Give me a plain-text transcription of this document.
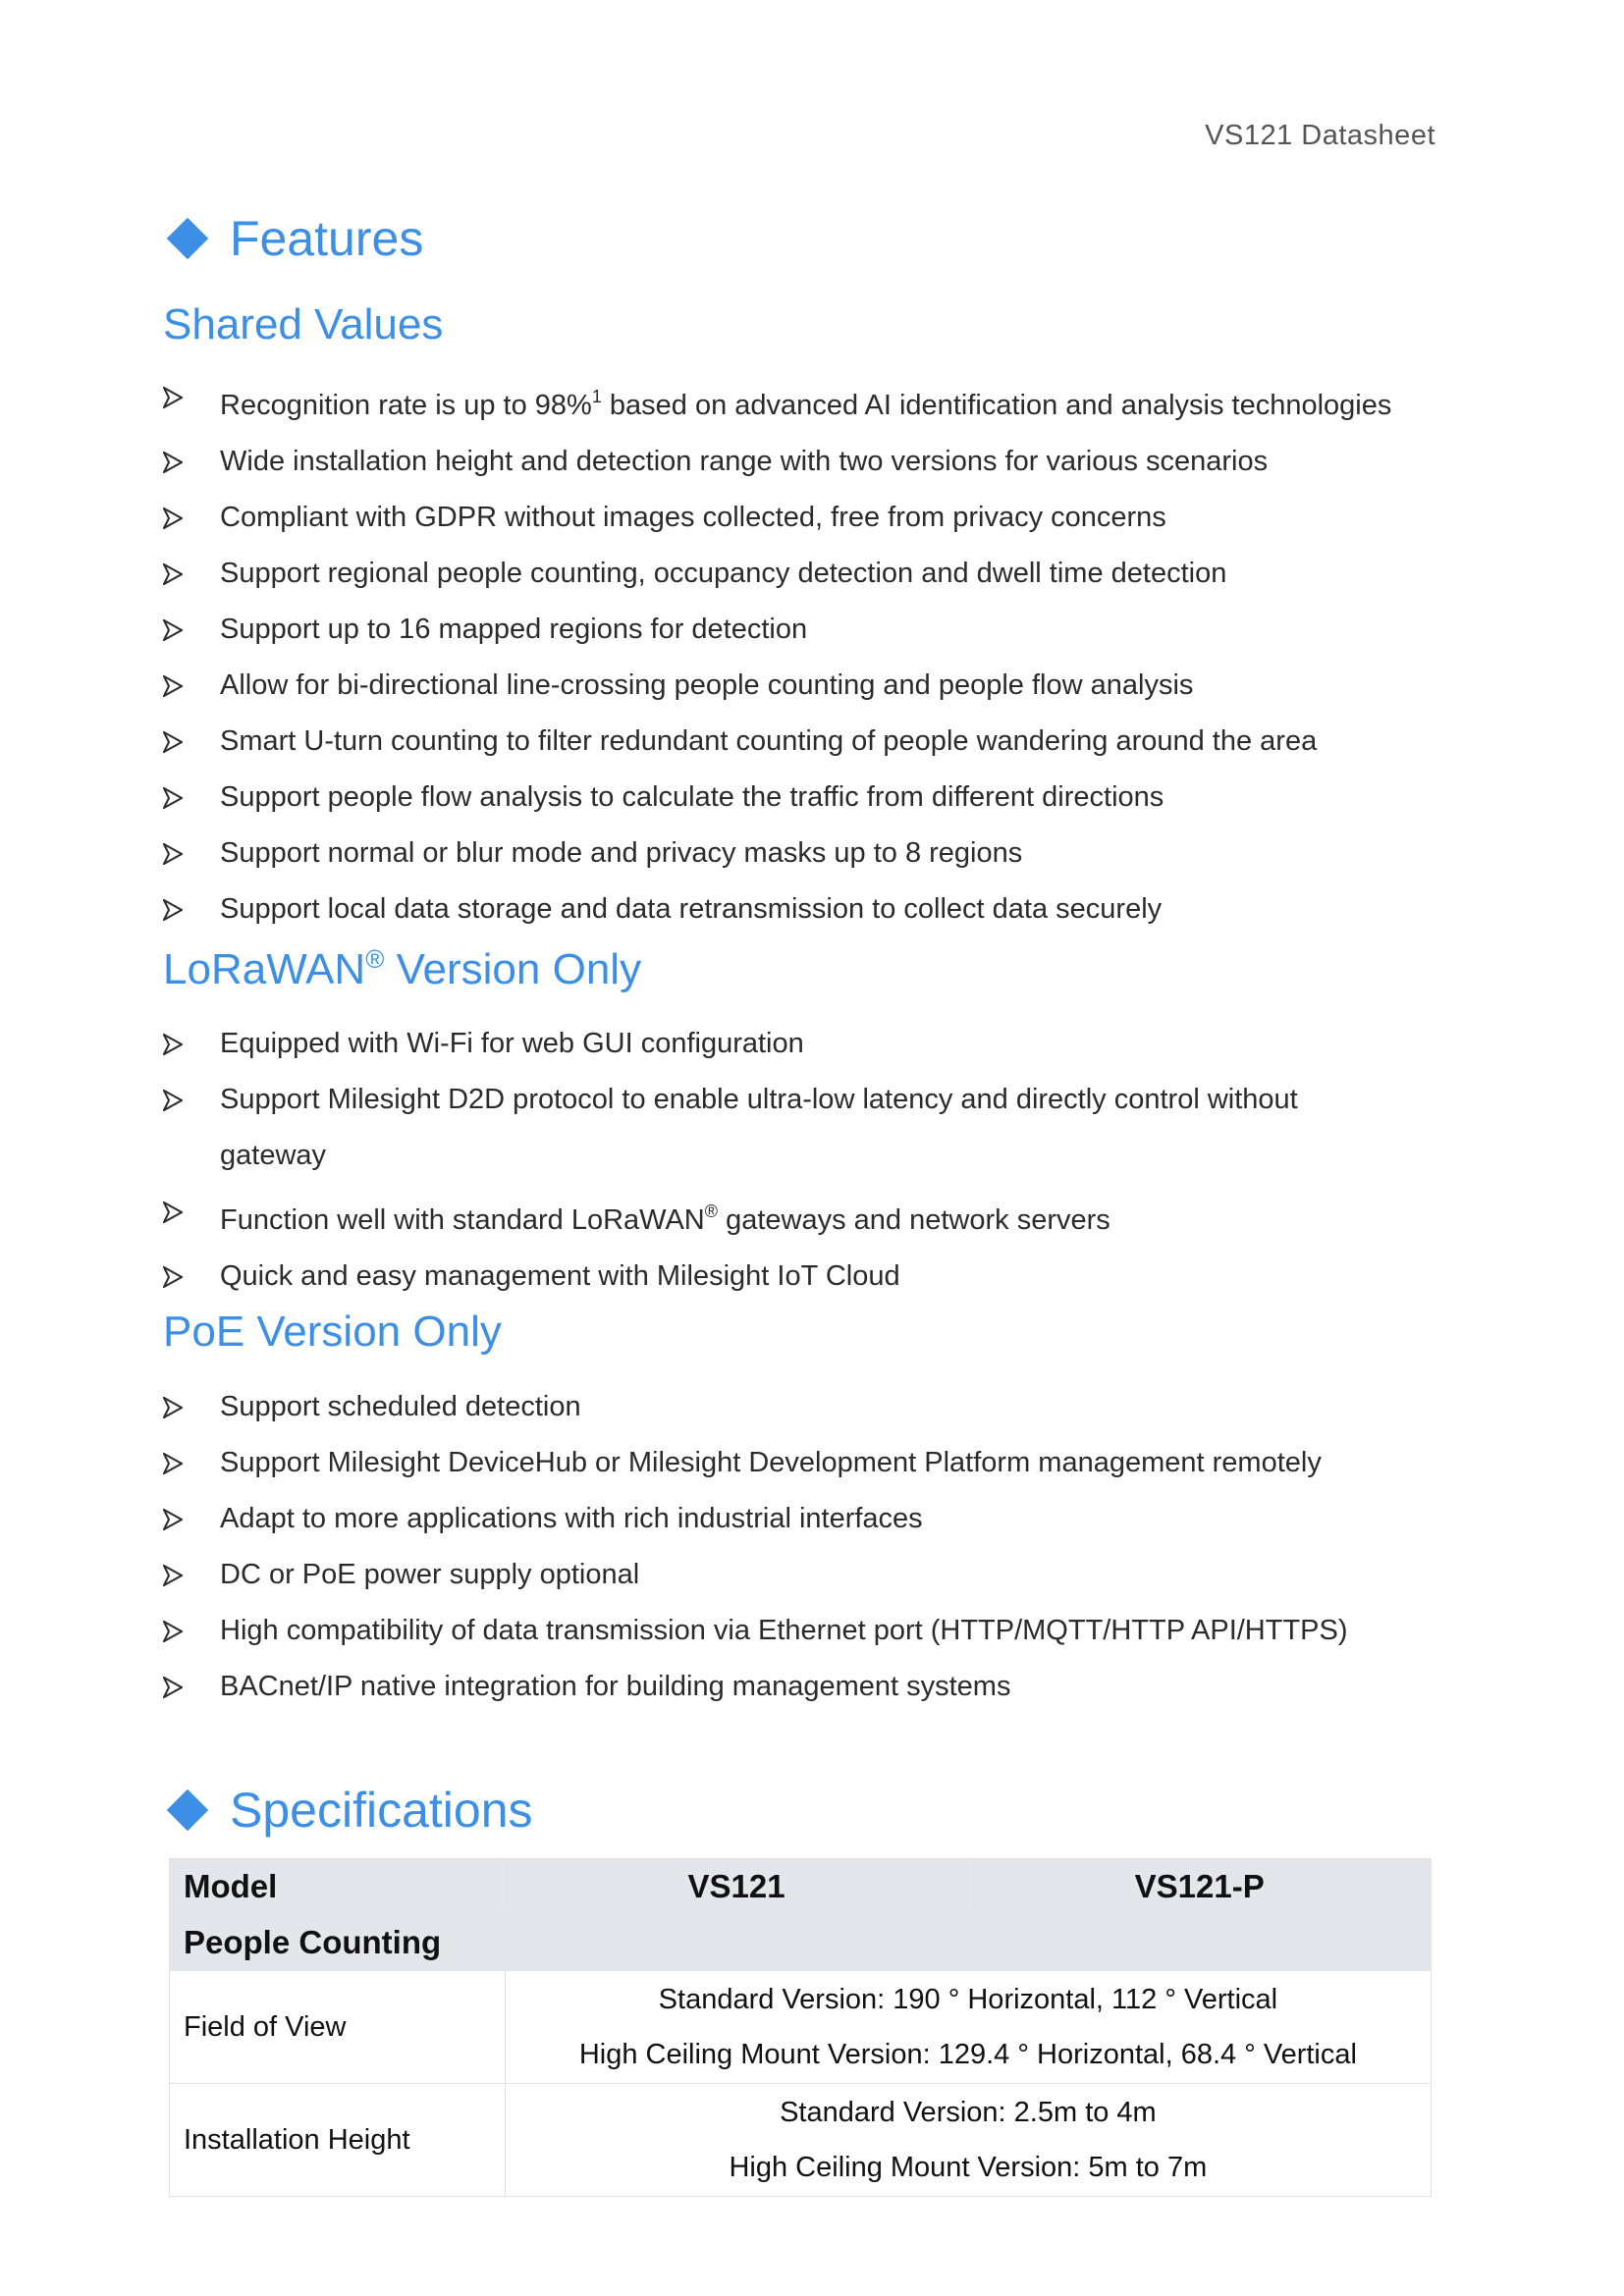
VS121 Datasheet
Features
Shared Values
Recognition rate is up to 98%$^1$ based on advanced AI identification and analysis technologies
Wide installation height and detection range with two versions for various scenarios
Compliant with GDPR without images collected, free from privacy concerns
Support regional people counting, occupancy detection and dwell time detection
Support up to 16 mapped regions for detection
Allow for bi-directional line-crossing people counting and people flow analysis
Smart U-turn counting to filter redundant counting of people wandering around the area
Support people flow analysis to calculate the traffic from different directions
Support normal or blur mode and privacy masks up to 8 regions
Support local data storage and data retransmission to collect data securely
LoRaWAN® Version Only
Equipped with Wi-Fi for web GUI configuration
Support Milesight D2D protocol to enable ultra-low latency and directly control without gateway
Function well with standard LoRaWAN® gateways and network servers
Quick and easy management with Milesight IoT Cloud
PoE Version Only
Support scheduled detection
Support Milesight DeviceHub or Milesight Development Platform management remotely
Adapt to more applications with rich industrial interfaces
DC or PoE power supply optional
High compatibility of data transmission via Ethernet port (HTTP/MQTT/HTTP API/HTTPS)
BACnet/IP native integration for building management systems
Specifications
Model	VS121	VS121-P
People Counting		
Field of View	Standard Version: 190 ° Horizontal, 112 ° Vertical
High Ceiling Mount Version: 129.4 ° Horizontal, 68.4 ° Vertical	

Installation Height	Standard Version: 2.5m to 4m
High Ceiling Mount Version: 5m to 7m	
